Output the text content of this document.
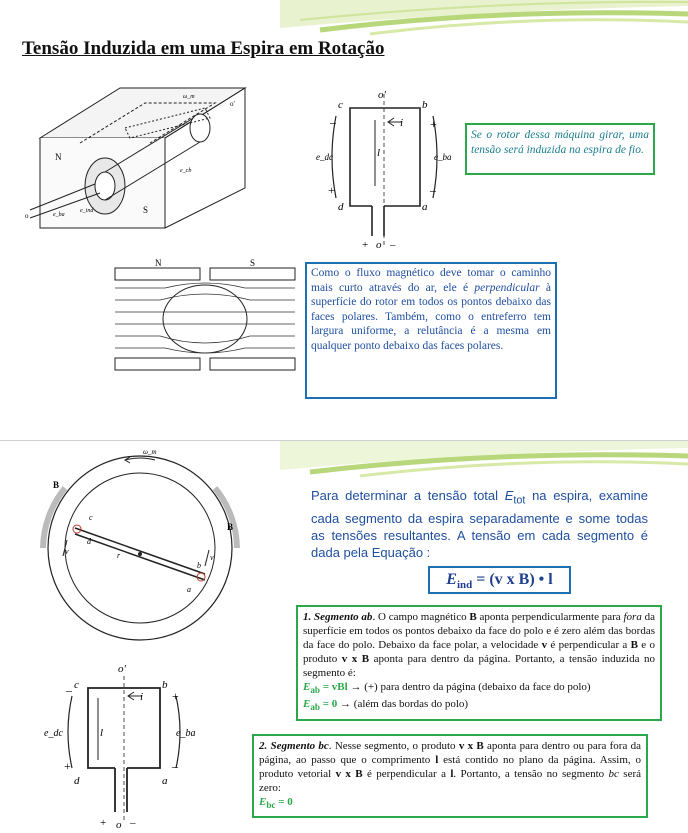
Tensão Induzida em uma Espira em Rotação
N
S
o
o'
e_ba
e_ind
ω_m
e_cb
o'
c	b
d	a
i
l
e_dc	e_ba
–	+
+	–
+ o –
Se o rotor dessa máquina girar, uma tensão será induzida na espira de fio.
N	S
Como o fluxo magnético deve tomar o caminho mais curto através do ar, ele é perpendicular à superfície do rotor em todos os pontos debaixo das faces polares. Também, como o entreferro tem largura uniforme, a relutância é a mesma em qualquer ponto debaixo das faces polares.
ω_m
B
B
c
d
v	r
b
v
a
Para determinar a tensão total $E_{tot}$ na espira, examine cada segmento da espira separadamente e some todas as tensões resultantes. A tensão em cada segmento é dada pela Equação :
$E_{ind} = (v$ x B) • l
o'
c	b
d	a
i
l
e_dc	e_ba
–	+
+	–
+ o –
1. Segmento ab. O campo magnético B aponta perpendicularmente para fora da superfície em todos os pontos debaixo da face do polo e é zero além das bordas da face do polo. Debaixo da face polar, a velocidade v é perpendicular a B e o produto v x B aponta para dentro da página. Portanto, a tensão induzida no segmento é:
$E_{ab}$ = vBl → (+) para dentro da página (debaixo da face do polo)
$E_{ab} = 0$ → (além das bordas do polo)
2. Segmento bc. Nesse segmento, o produto v x B aponta para dentro ou para fora da página, ao passo que o comprimento l está contido no plano da página. Assim, o produto vetorial v x B é perpendicular a l. Portanto, a tensão no segmento bc será zero:
$E_{bc} = 0$
